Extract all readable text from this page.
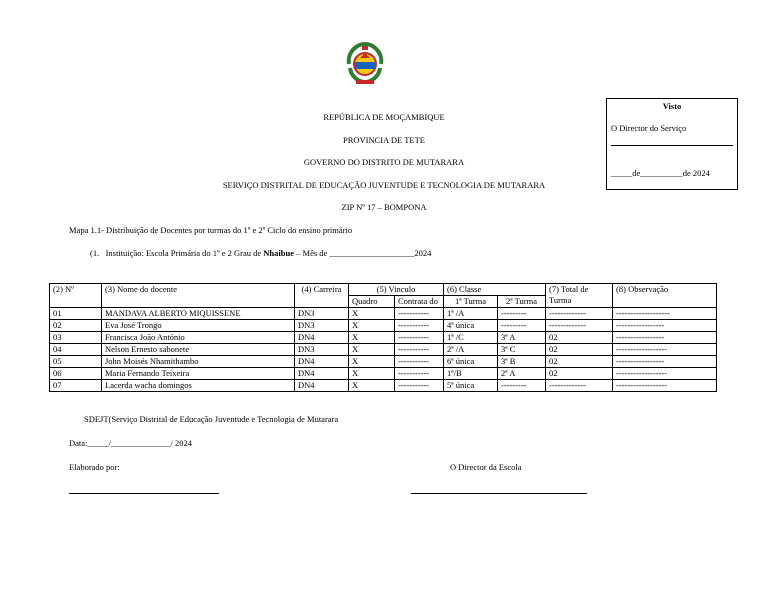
REPÚBLICA DE MOÇAMBIQUE
PROVINCIA DE TETE
GOVERNO DO DISTRITO DE MUTARARA
SERVIÇO DISTRITAL DE EDUCAÇÃO JUVENTUDE E TECNOLOGIA DE MUTARARA
ZIP Nº 17 – BOMPONA
Visto
O Director do Serviço
_____de__________de 2024
Mapa 1.1- Distribuição de Docentes por turmas do 1º e 2º Ciclo do ensino primário
(1.   Instituição: Escola Primária do 1º e 2 Grau de Nhaibue – Mês de ____________________2024
(2) Nº	(3) Nome do docente	(4) Carreira	(5) Vinculo		(6) Classe		(7) Total de Turma	(8) Observação
			Quadro	Contrata do	1ª Turma	2ª Turma		
01	MANDAVA ALBERTO MIQUISSENE	DN3	X	-----------	1ª /A	---------	-------------	-------------------
02	Eva José Trongo	DN3	X	-----------	4ª única	---------	-------------	-----------------
03	Francisca João António	DN4	X	-----------	1ª /C	3ª A	02	-----------------
04	Nelson Ernesto sabonete	DN3	X	-----------	2ª /A	3ª C	02	------------------
05	John Moisés Nhamithambo	DN4	X	-----------	6ª única	3ª B	02	-----------------
06	Maria Fernando Teixeira	DN4	X	-----------	1ª/B	2ª A	02	------------------
07	Lacerda wacha domingos	DN4	X	-----------	5ª única	---------	-------------	------------------
SDEJT(Serviço Distrital de Educação Juventude e Tecnologia de Mutarara
Data:_____/______________/ 2024
Elaborado por:	O Director da Escola
